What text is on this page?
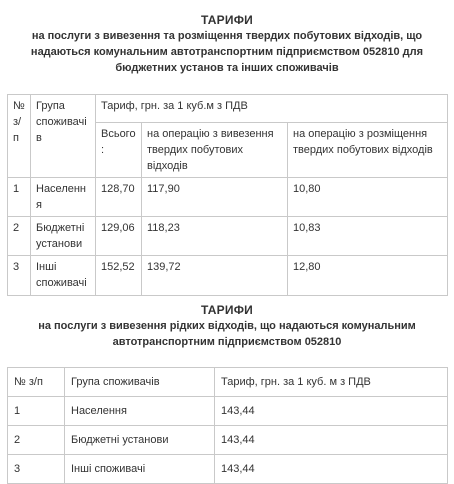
ТАРИФИ
на послуги з вивезення та розміщення твердих побутових відходів, що надаються комунальним автотранспортним підприємством 052810 для бюджетних установ та інших споживачів
№ з/п	Група споживачів	Тариф, грн. за 1 куб.м з ПДВ		
		Всього:	на операцію з вивезення твердих побутових відходів	на операцію з розміщення твердих побутових відходів
1	Населення	128,70	117,90	10,80
2	Бюджетні установи	129,06	118,23	10,83
3	Інші споживачі	152,52	139,72	12,80
ТАРИФИ
на послуги з вивезення рідких відходів, що надаються комунальним автотранспортним підприємством 052810
№ з/п	Група споживачів	Тариф, грн. за 1 куб. м з ПДВ
1	Населення	143,44
2	Бюджетні установи	143,44
3	Інші споживачі	143,44
